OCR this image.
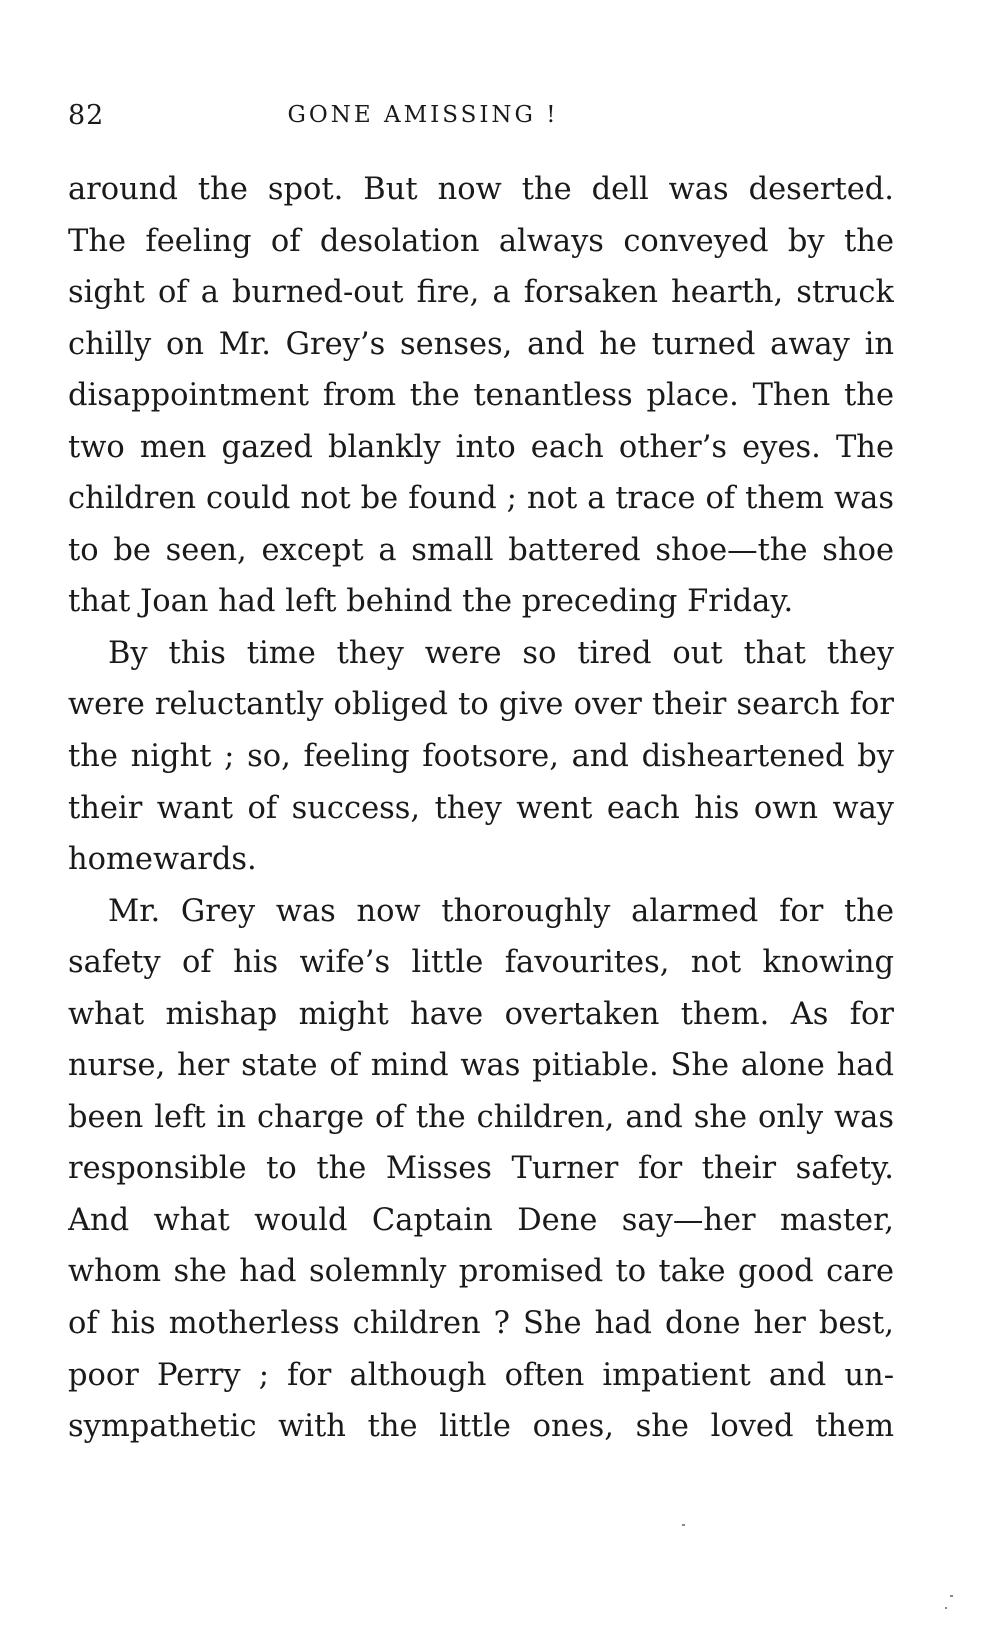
82	GONE AMISSING !
around the spot. But now the dell was deserted.
The feeling of desolation always conveyed by the
sight of a burned-out fire, a forsaken hearth, struck
chilly on Mr. Grey’s senses, and he turned away in
disappointment from the tenantless place. Then the
two men gazed blankly into each other’s eyes. The
children could not be found ; not a trace of them was
to be seen, except a small battered shoe—the shoe
that Joan had left behind the preceding Friday.
By this time they were so tired out that they
were reluctantly obliged to give over their search for
the night ; so, feeling footsore, and disheartened by
their want of success, they went each his own way
homewards.
Mr. Grey was now thoroughly alarmed for the
safety of his wife’s little favourites, not knowing
what mishap might have overtaken them. As for
nurse, her state of mind was pitiable. She alone had
been left in charge of the children, and she only was
responsible to the Misses Turner for their safety.
And what would Captain Dene say—her master,
whom she had solemnly promised to take good care
of his motherless children ? She had done her best,
poor Perry ; for although often impatient and un-
sympathetic with the little ones, she loved them
